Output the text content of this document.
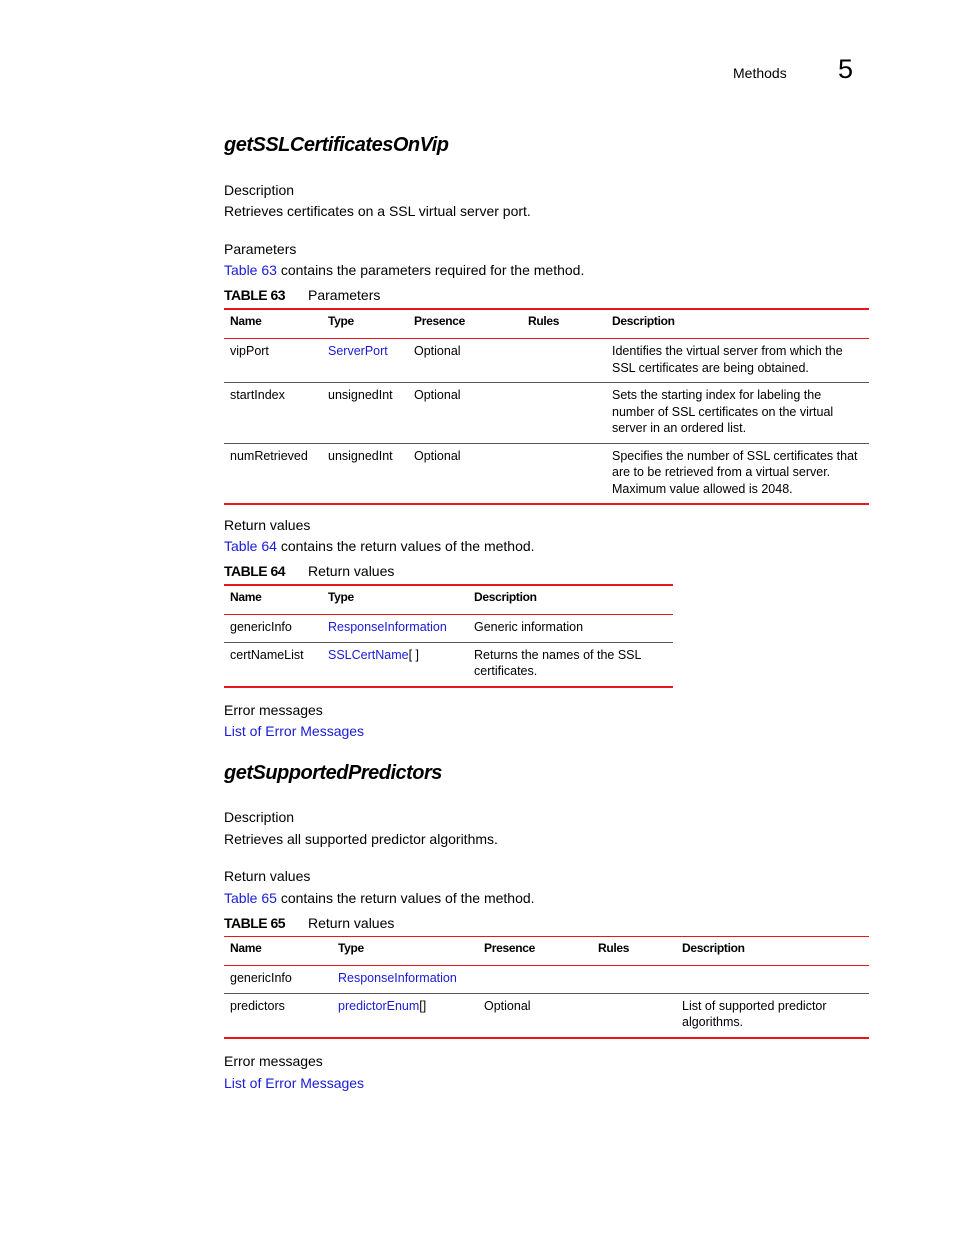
Methods 5
getSSLCertificatesOnVip
Description
Retrieves certificates on a SSL virtual server port.
Parameters
Table 63 contains the parameters required for the method.
TABLE 63 Parameters
Name	Type	Presence	Rules	Description
vipPort	ServerPort	Optional		Identifies the virtual server from which the SSL certificates are being obtained.
startIndex	unsignedInt	Optional		Sets the starting index for labeling the number of SSL certificates on the virtual server in an ordered list.
numRetrieved	unsignedInt	Optional		Specifies the number of SSL certificates that are to be retrieved from a virtual server. Maximum value allowed is 2048.
Return values
Table 64 contains the return values of the method.
TABLE 64 Return values
Name	Type	Description
genericInfo	ResponseInformation	Generic information
certNameList	SSLCertName[ ]	Returns the names of the SSL certificates.
Error messages
List of Error Messages
getSupportedPredictors
Description
Retrieves all supported predictor algorithms.
Return values
Table 65 contains the return values of the method.
TABLE 65 Return values
Name	Type	Presence	Rules	Description
genericInfo	ResponseInformation			
predictors	predictorEnum[]	Optional		List of supported predictor algorithms.
Error messages
List of Error Messages
